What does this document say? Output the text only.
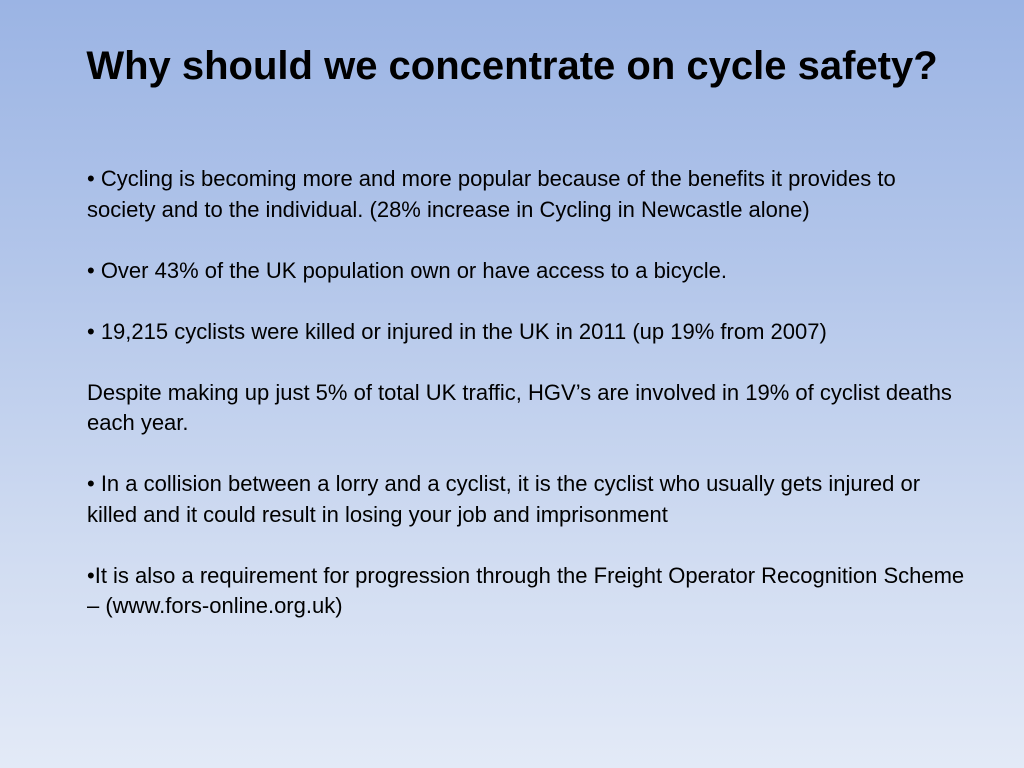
Why should we concentrate on cycle safety?

• Cycling is becoming more and more popular because of the benefits it provides to society and to the individual. (28% increase in Cycling in Newcastle alone)

• Over 43% of the UK population own or have access to a bicycle.

• 19,215 cyclists were killed or injured in the UK in 2011 (up 19% from 2007)

Despite making up just 5% of total UK traffic, HGV’s are involved in 19% of cyclist deaths each year.

• In a collision between a lorry and a cyclist, it is the cyclist who usually gets injured or killed and it could result in losing your job and imprisonment

•It is also a requirement for progression through the Freight Operator Recognition Scheme – (www.fors-online.org.uk)
